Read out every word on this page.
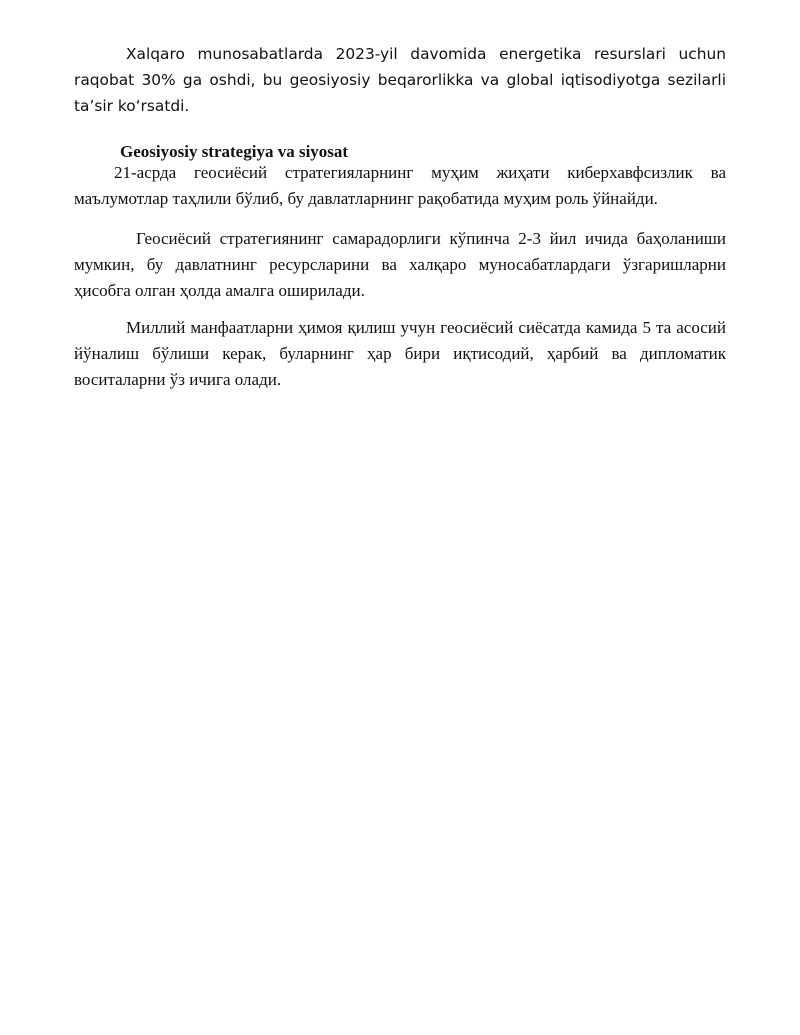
Xalqaro munosabatlarda 2023-yil davomida energetika resurslari uchun raqobat 30% ga oshdi, bu geosiyosiy beqarorlikka va global iqtisodiyotga sezilarli taʼsir koʻrsatdi.

Geosiyosiy strategiya va siyosat

21-асрда геосиёсий стратегияларнинг муҳим жиҳати киберхавфсизлик ва маълумотлар таҳлили бўлиб, бу давлатларнинг рақобатида муҳим роль ўйнайди.

Геосиёсий стратегиянинг самарадорлиги кўпинча 2-3 йил ичида баҳоланиши мумкин, бу давлатнинг ресурсларини ва халқаро муносабатлардаги ўзгаришларни ҳисобга олган ҳолда амалга оширилади.

Миллий манфаатларни ҳимоя қилиш учун геосиёсий сиёсатда камида 5 та асосий йўналиш бўлиши керак, буларнинг ҳар бири иқтисодий, ҳарбий ва дипломатик воситаларни ўз ичига олади.
